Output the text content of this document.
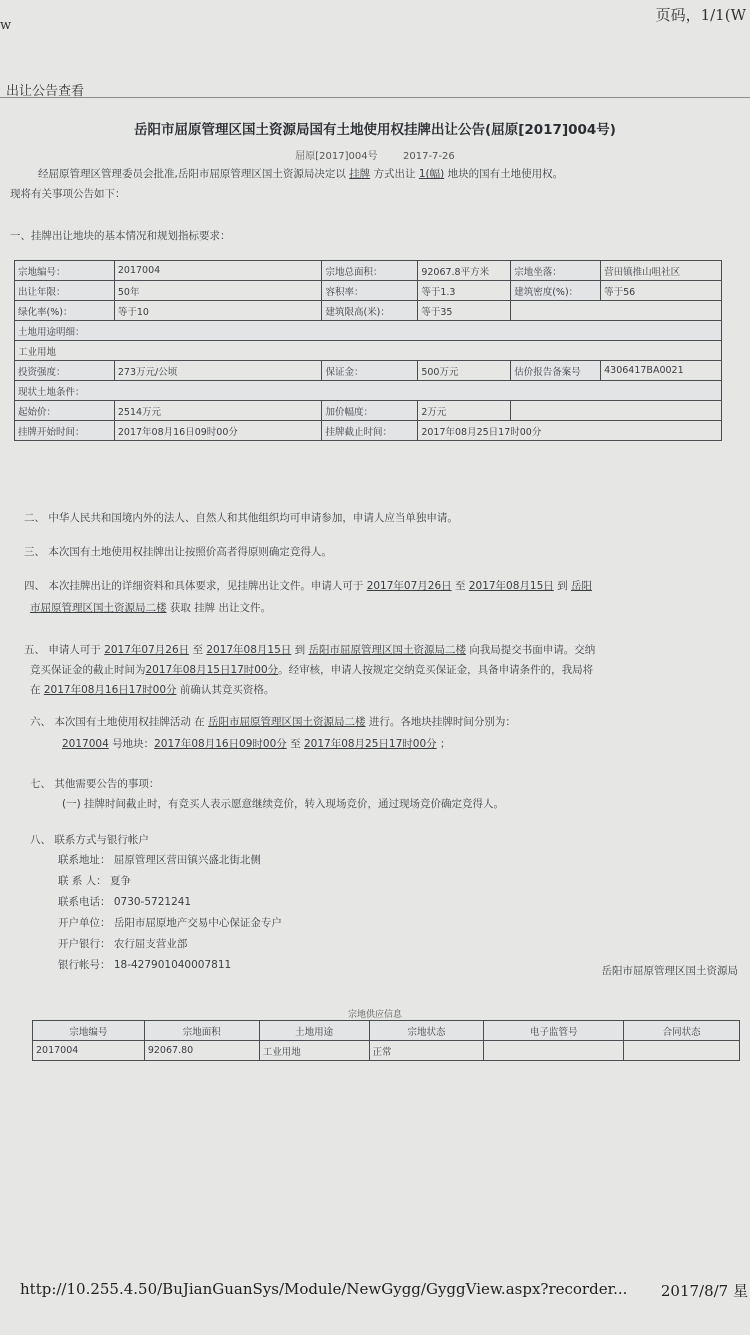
w
页码，1/1(W
出让公告查看
岳阳市屈原管理区国土资源局国有土地使用权挂牌出让公告(屈原[2017]004号)
屈原[2017]004号	2017-7-26
经屈原管理区管理委员会批准,岳阳市屈原管理区国土资源局决定以 挂牌 方式出让 1(幅) 地块的国有土地使用权。
现将有关事项公告如下：
一、挂牌出让地块的基本情况和规划指标要求：
宗地编号：	2017004	宗地总面积：	92067.8平方米	宗地坐落：	营田镇推山咀社区
出让年限：	50年	容积率：	等于1.3	建筑密度(%)：	等于56
绿化率(%)：	等于10	建筑限高(米)：	等于35		
土地用途明细：					
工业用地					
投资强度：	273万元/公顷	保证金：	500万元	估价报告备案号	4306417BA0021
现状土地条件：					
起始价：	2514万元	加价幅度：	2万元		
挂牌开始时间：	2017年08月16日09时00分	挂牌截止时间：	2017年08月25日17时00分		
二、 中华人民共和国境内外的法人、自然人和其他组织均可申请参加，申请人应当单独申请。
三、 本次国有土地使用权挂牌出让按照价高者得原则确定竞得人。
四、 本次挂牌出让的详细资料和具体要求，见挂牌出让文件。申请人可于 2017年07月26日 至 2017年08月15日 到 岳阳
市屈原管理区国土资源局二楼 获取 挂牌 出让文件。
五、 申请人可于 2017年07月26日 至 2017年08月15日 到 岳阳市屈原管理区国土资源局二楼 向我局提交书面申请。交纳
竞买保证金的截止时间为2017年08月15日17时00分。经审核，申请人按规定交纳竞买保证金，具备申请条件的，我局将
在 2017年08月16日17时00分 前确认其竞买资格。
六、 本次国有土地使用权挂牌活动 在 岳阳市屈原管理区国土资源局二楼 进行。各地块挂牌时间分别为：
2017004 号地块：2017年08月16日09时00分 至 2017年08月25日17时00分 ；
七、 其他需要公告的事项：
(一) 挂牌时间截止时，有竞买人表示愿意继续竞价，转入现场竞价，通过现场竞价确定竞得人。
八、 联系方式与银行帐户
联系地址： 屈原管理区营田镇兴盛北街北侧
联 系 人： 夏争
联系电话： 0730-5721241
开户单位： 岳阳市屈原地产交易中心保证金专户
开户银行： 农行屈支营业部
银行帐号： 18-427901040007811	岳阳市屈原管理区国土资源局
宗地供应信息
宗地编号	宗地面积	土地用途	宗地状态	电子监管号	合同状态
2017004	92067.80	工业用地	正常		
http://10.255.4.50/BuJianGuanSys/Module/NewGygg/GyggView.aspx?recorder... 2017/8/7 星
